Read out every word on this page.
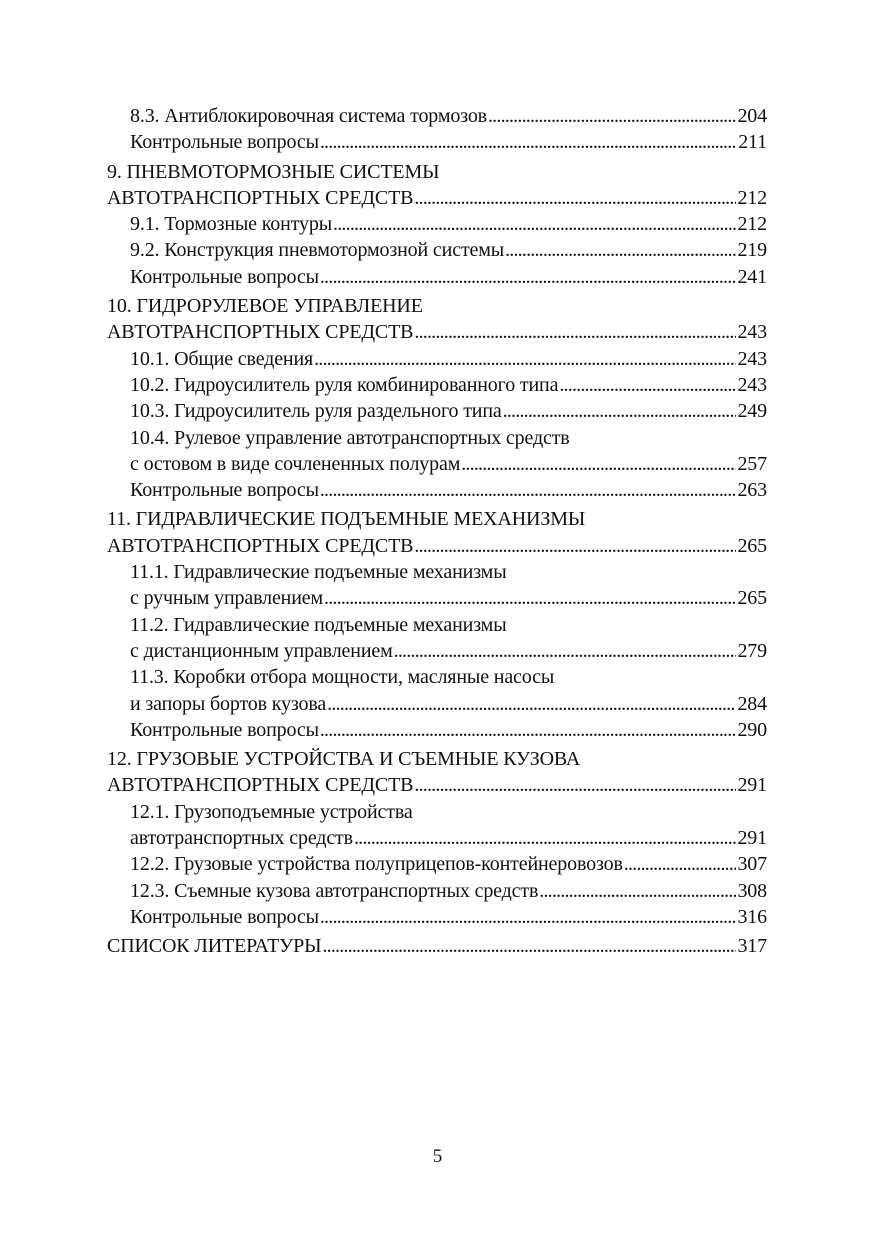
8.3. Антиблокировочная система тормозов . . .	204
Контрольные вопросы . . .	211
9. ПНЕВМОТОРМОЗНЫЕ СИСТЕМЫ
АВТОТРАНСПОРТНЫХ СРЕДСТВ . . .	212
9.1. Тормозные контуры . . .	212
9.2. Конструкция пневмотормозной системы . . .	219
Контрольные вопросы . . .	241
10. ГИДРОРУЛЕВОЕ УПРАВЛЕНИЕ
АВТОТРАНСПОРТНЫХ СРЕДСТВ . . .	243
10.1. Общие сведения . . .	243
10.2. Гидроусилитель руля комбинированного типа . . .	243
10.3. Гидроусилитель руля раздельного типа . . .	249
10.4. Рулевое управление автотранспортных средств
с остовом в виде сочлененных полурам . . .	257
Контрольные вопросы . . .	263
11. ГИДРАВЛИЧЕСКИЕ ПОДЪЕМНЫЕ МЕХАНИЗМЫ
АВТОТРАНСПОРТНЫХ СРЕДСТВ . . .	265
11.1. Гидравлические подъемные механизмы
с ручным управлением . . .	265
11.2. Гидравлические подъемные механизмы
с дистанционным управлением . . .	279
11.3. Коробки отбора мощности, масляные насосы
и запоры бортов кузова . . .	284
Контрольные вопросы . . .	290
12. ГРУЗОВЫЕ УСТРОЙСТВА И СЪЕМНЫЕ КУЗОВА
АВТОТРАНСПОРТНЫХ СРЕДСТВ . . .	291
12.1. Грузоподъемные устройства
автотранспортных средств . . .	291
12.2. Грузовые устройства полуприцепов-контейнеровозов . . .	307
12.3. Съемные кузова автотранспортных средств . . .	308
Контрольные вопросы . . .	316
СПИСОК ЛИТЕРАТУРЫ . . .	317
5
